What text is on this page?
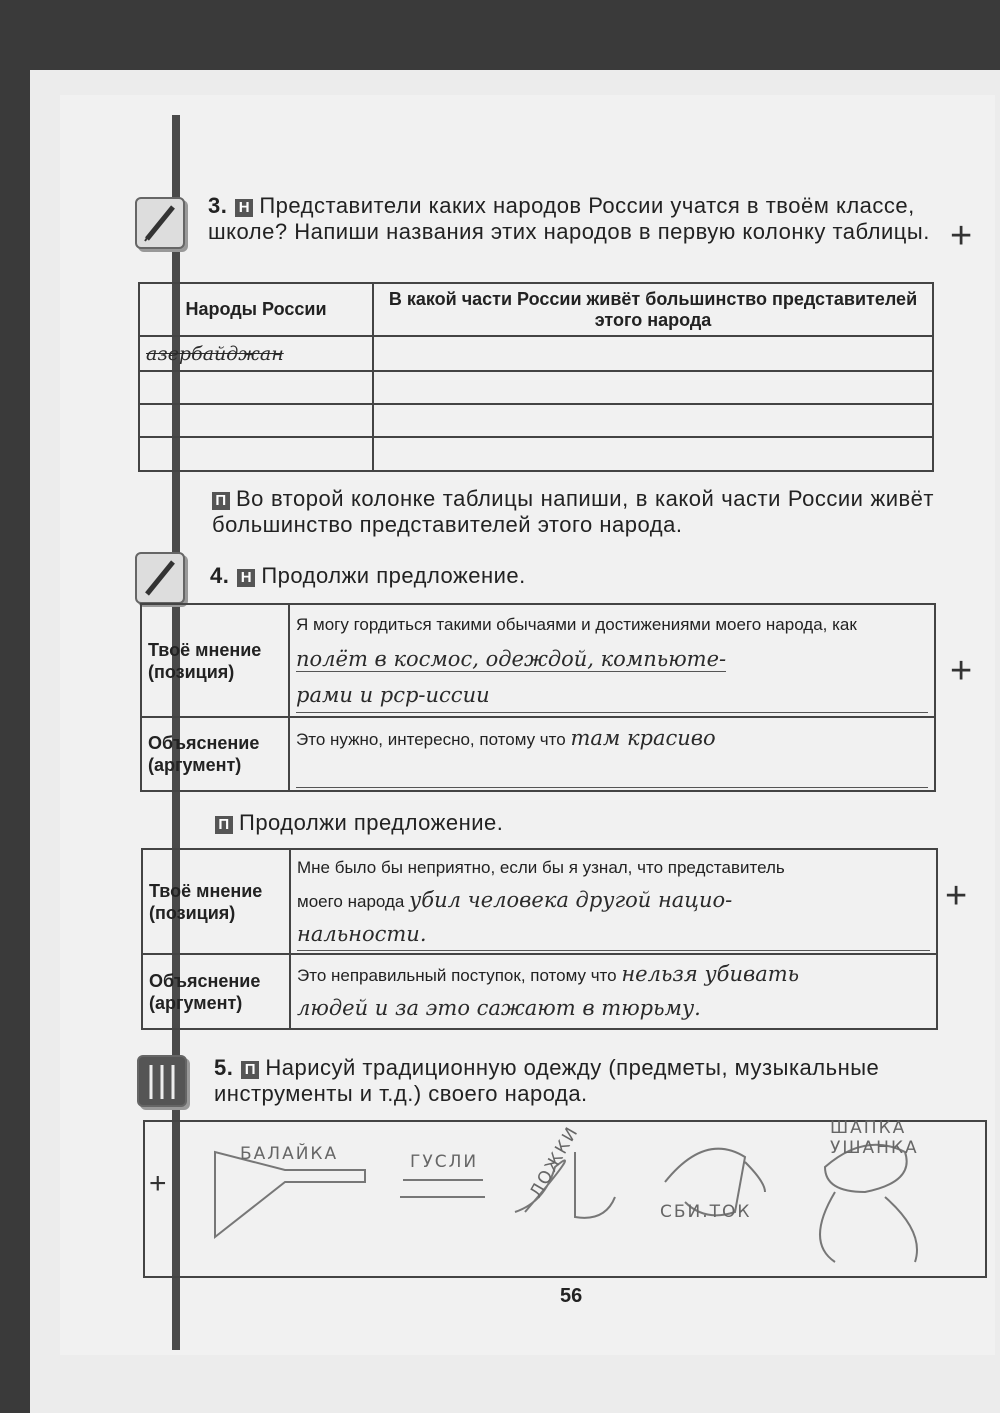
3. Н Представители каких народов России учатся в твоём классе, школе? Напиши названия этих народов в первую колонку таблицы. +
Народы России	В какой части России живёт большинство представителей этого народа
азербайджан	

П Во второй колонке таблицы напиши, в какой части России живёт большинство представителей этого народа.
4. Н Продолжи предложение.
Твоё мнение (позиция)	Я могу гордиться такими обычаями и достижениями моего народа, как полёт в космос, одеждой, компьюте-
рами и рср-иссии

Объяснение (аргумент)	Это нужно, интересно, потому что там красиво
+
П Продолжи предложение.
Твоё мнение (позиция)	Мне было бы неприятно, если бы я узнал, что представитель
моего народа убил человека другой нацио-
нальности.

Объяснение (аргумент)	Это неправильный поступок, потому что нельзя убивать
людей и за это сажают в тюрьму.
+
5. П Нарисуй традиционную одежду (предметы, музыкальные инструменты и т.д.) своего народа.
+
БАЛАЙКА	ГУСЛИ	ЛОЖКИ
СБИ.ТОК
ШАПКА УШАНКА
56
